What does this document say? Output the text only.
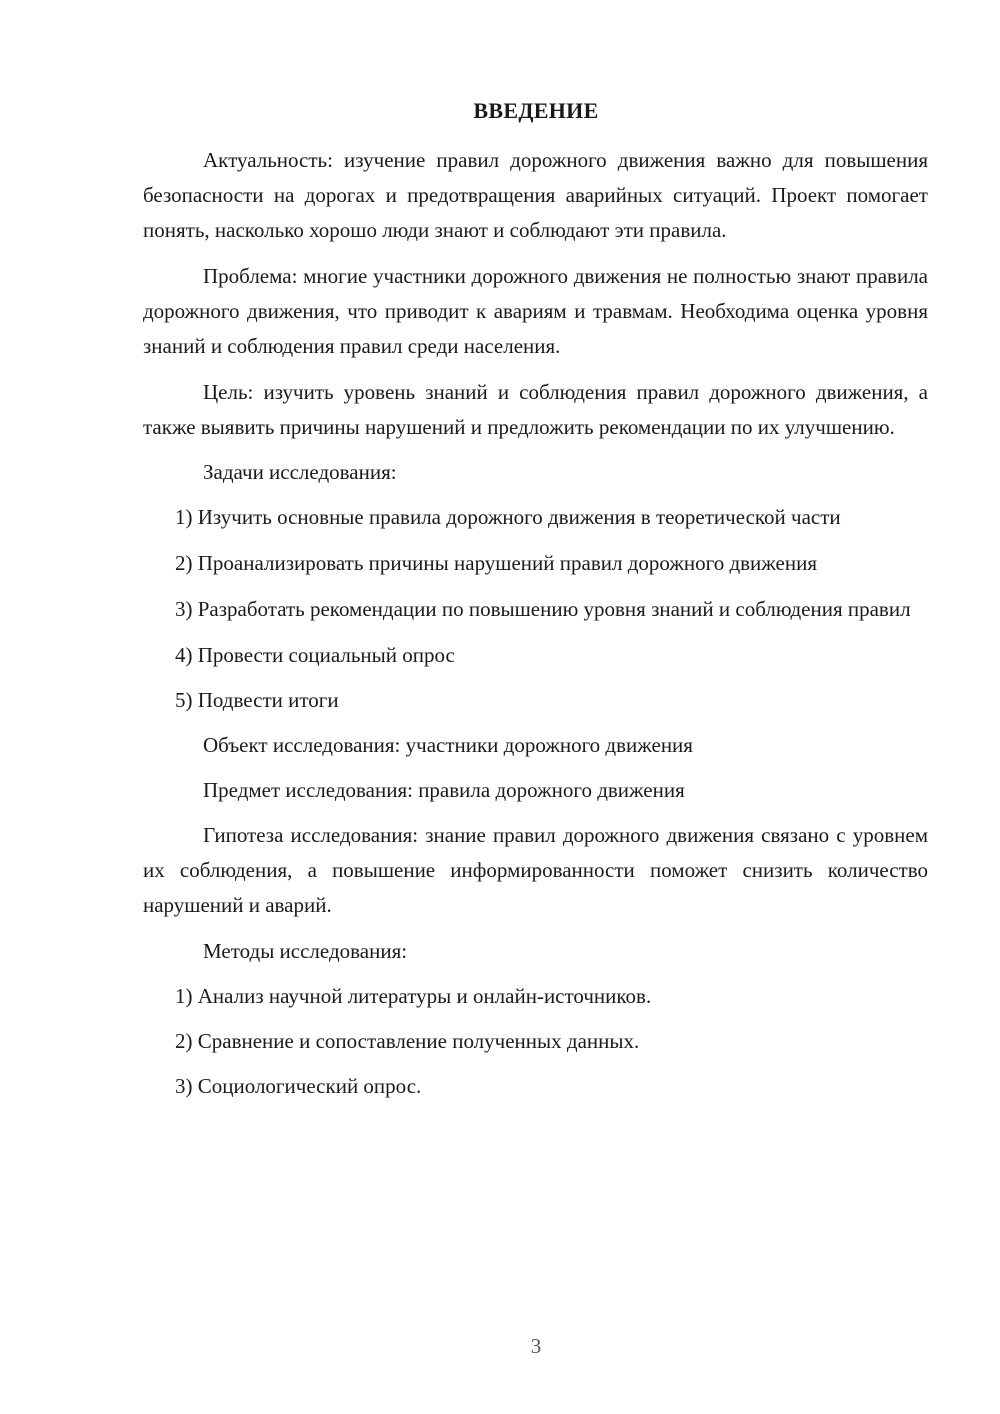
ВВЕДЕНИЕ

Актуальность: изучение правил дорожного движения важно для повышения безопасности на дорогах и предотвращения аварийных ситуаций. Проект помогает понять, насколько хорошо люди знают и соблюдают эти правила.

Проблема: многие участники дорожного движения не полностью знают правила дорожного движения, что приводит к авариям и травмам. Необходима оценка уровня знаний и соблюдения правил среди населения.

Цель: изучить уровень знаний и соблюдения правил дорожного движения, а также выявить причины нарушений и предложить рекомендации по их улучшению.

Задачи исследования:

1) Изучить основные правила дорожного движения в теоретической части

2) Проанализировать причины нарушений правил дорожного движения

3) Разработать рекомендации по повышению уровня знаний и соблюдения правил

4) Провести социальный опрос

5) Подвести итоги

Объект исследования: участники дорожного движения

Предмет исследования: правила дорожного движения

Гипотеза исследования: знание правил дорожного движения связано с уровнем их соблюдения, а повышение информированности поможет снизить количество нарушений и аварий.

Методы исследования:

1) Анализ научной литературы и онлайн-источников.

2) Сравнение и сопоставление полученных данных.

3) Социологический опрос.

3
